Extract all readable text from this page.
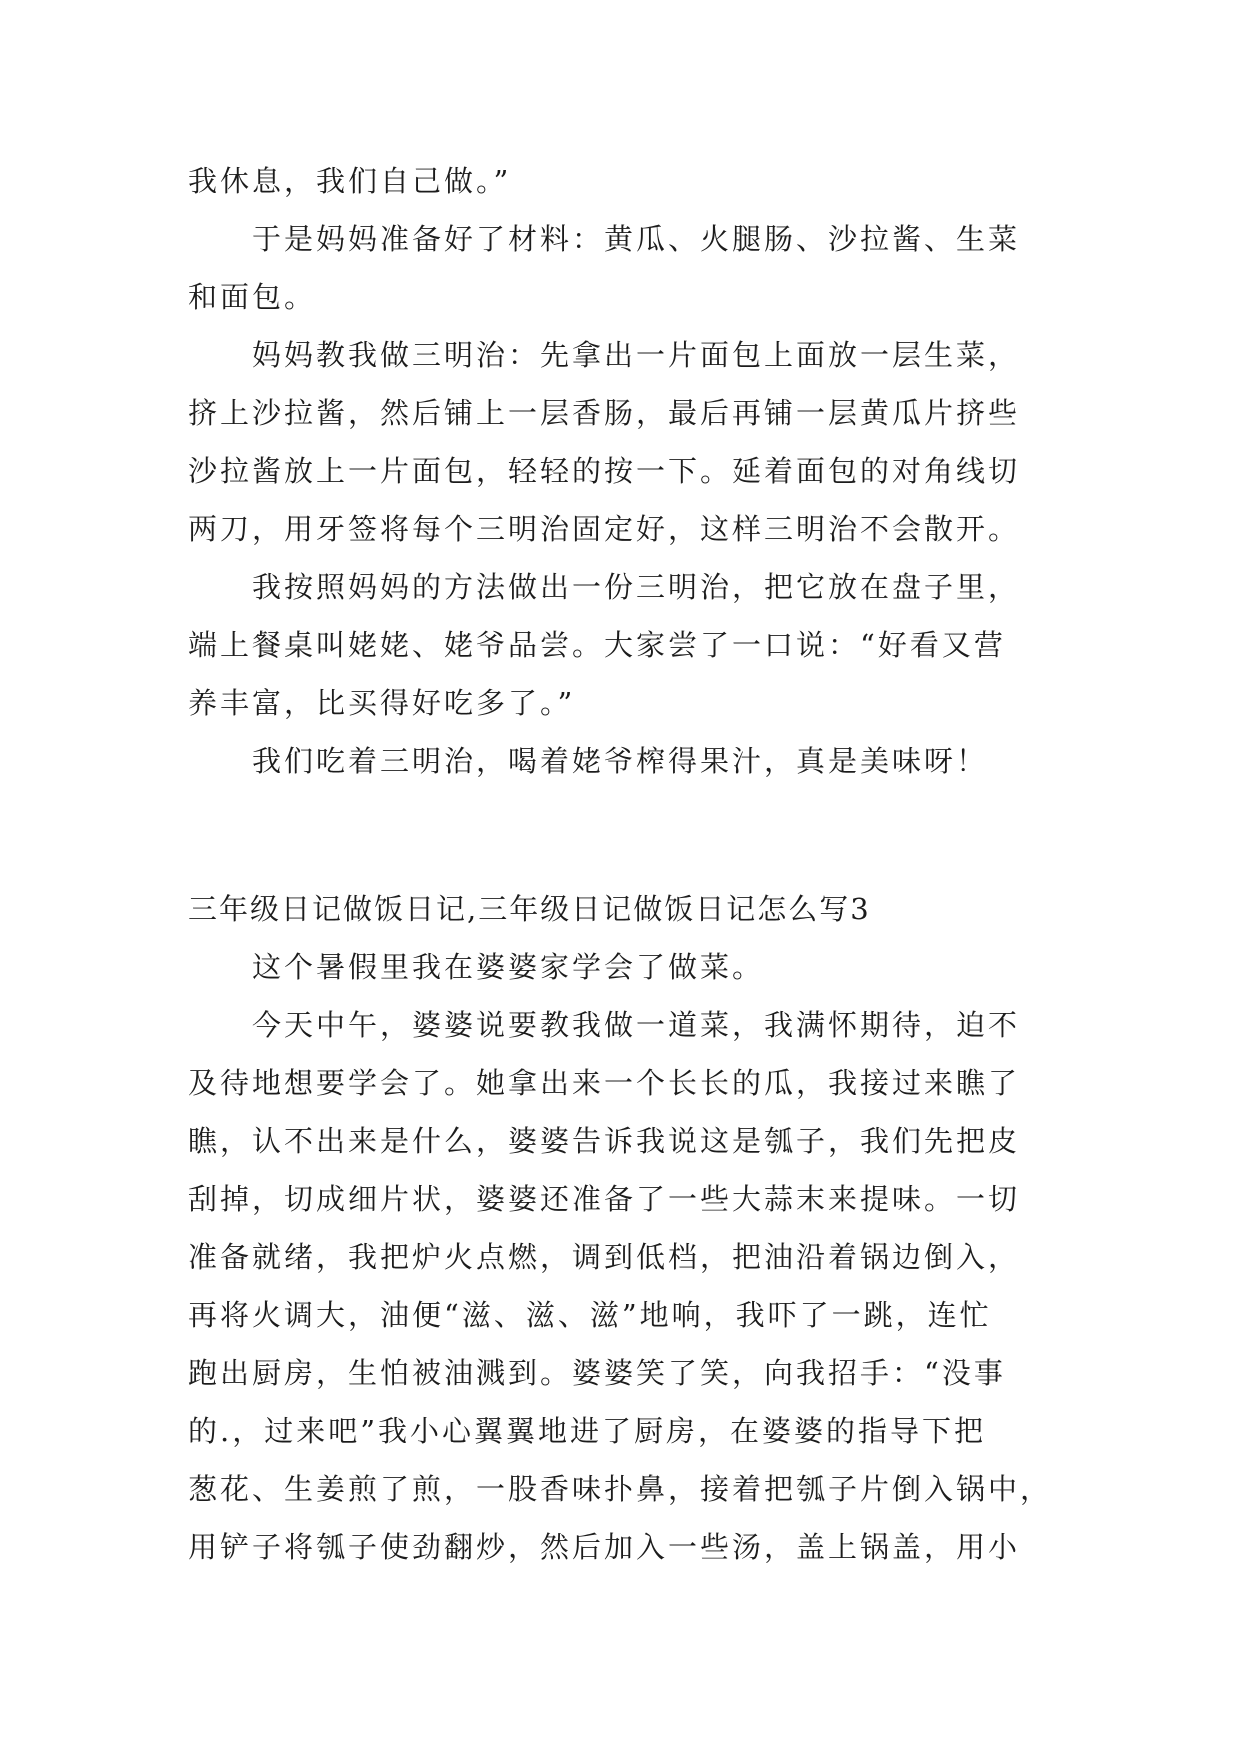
我休息，我们自己做。”
于是妈妈准备好了材料：黄瓜、火腿肠、沙拉酱、生菜
和面包。
妈妈教我做三明治：先拿出一片面包上面放一层生菜，
挤上沙拉酱，然后铺上一层香肠，最后再铺一层黄瓜片挤些
沙拉酱放上一片面包，轻轻的按一下。延着面包的对角线切
两刀，用牙签将每个三明治固定好，这样三明治不会散开。
我按照妈妈的方法做出一份三明治，把它放在盘子里，
端上餐桌叫姥姥、姥爷品尝。大家尝了一口说：“好看又营
养丰富，比买得好吃多了。”
我们吃着三明治，喝着姥爷榨得果汁，真是美味呀！
三年级日记做饭日记,三年级日记做饭日记怎么写3
这个暑假里我在婆婆家学会了做菜。
今天中午，婆婆说要教我做一道菜，我满怀期待，迫不
及待地想要学会了。她拿出来一个长长的瓜，我接过来瞧了
瞧，认不出来是什么，婆婆告诉我说这是瓠子，我们先把皮
刮掉，切成细片状，婆婆还准备了一些大蒜末来提味。一切
准备就绪，我把炉火点燃，调到低档，把油沿着锅边倒入，
再将火调大，油便“滋、滋、滋”地响，我吓了一跳，连忙
跑出厨房，生怕被油溅到。婆婆笑了笑，向我招手：“没事
的.，过来吧”我小心翼翼地进了厨房，在婆婆的指导下把
葱花、生姜煎了煎，一股香味扑鼻，接着把瓠子片倒入锅中，
用铲子将瓠子使劲翻炒，然后加入一些汤，盖上锅盖，用小
